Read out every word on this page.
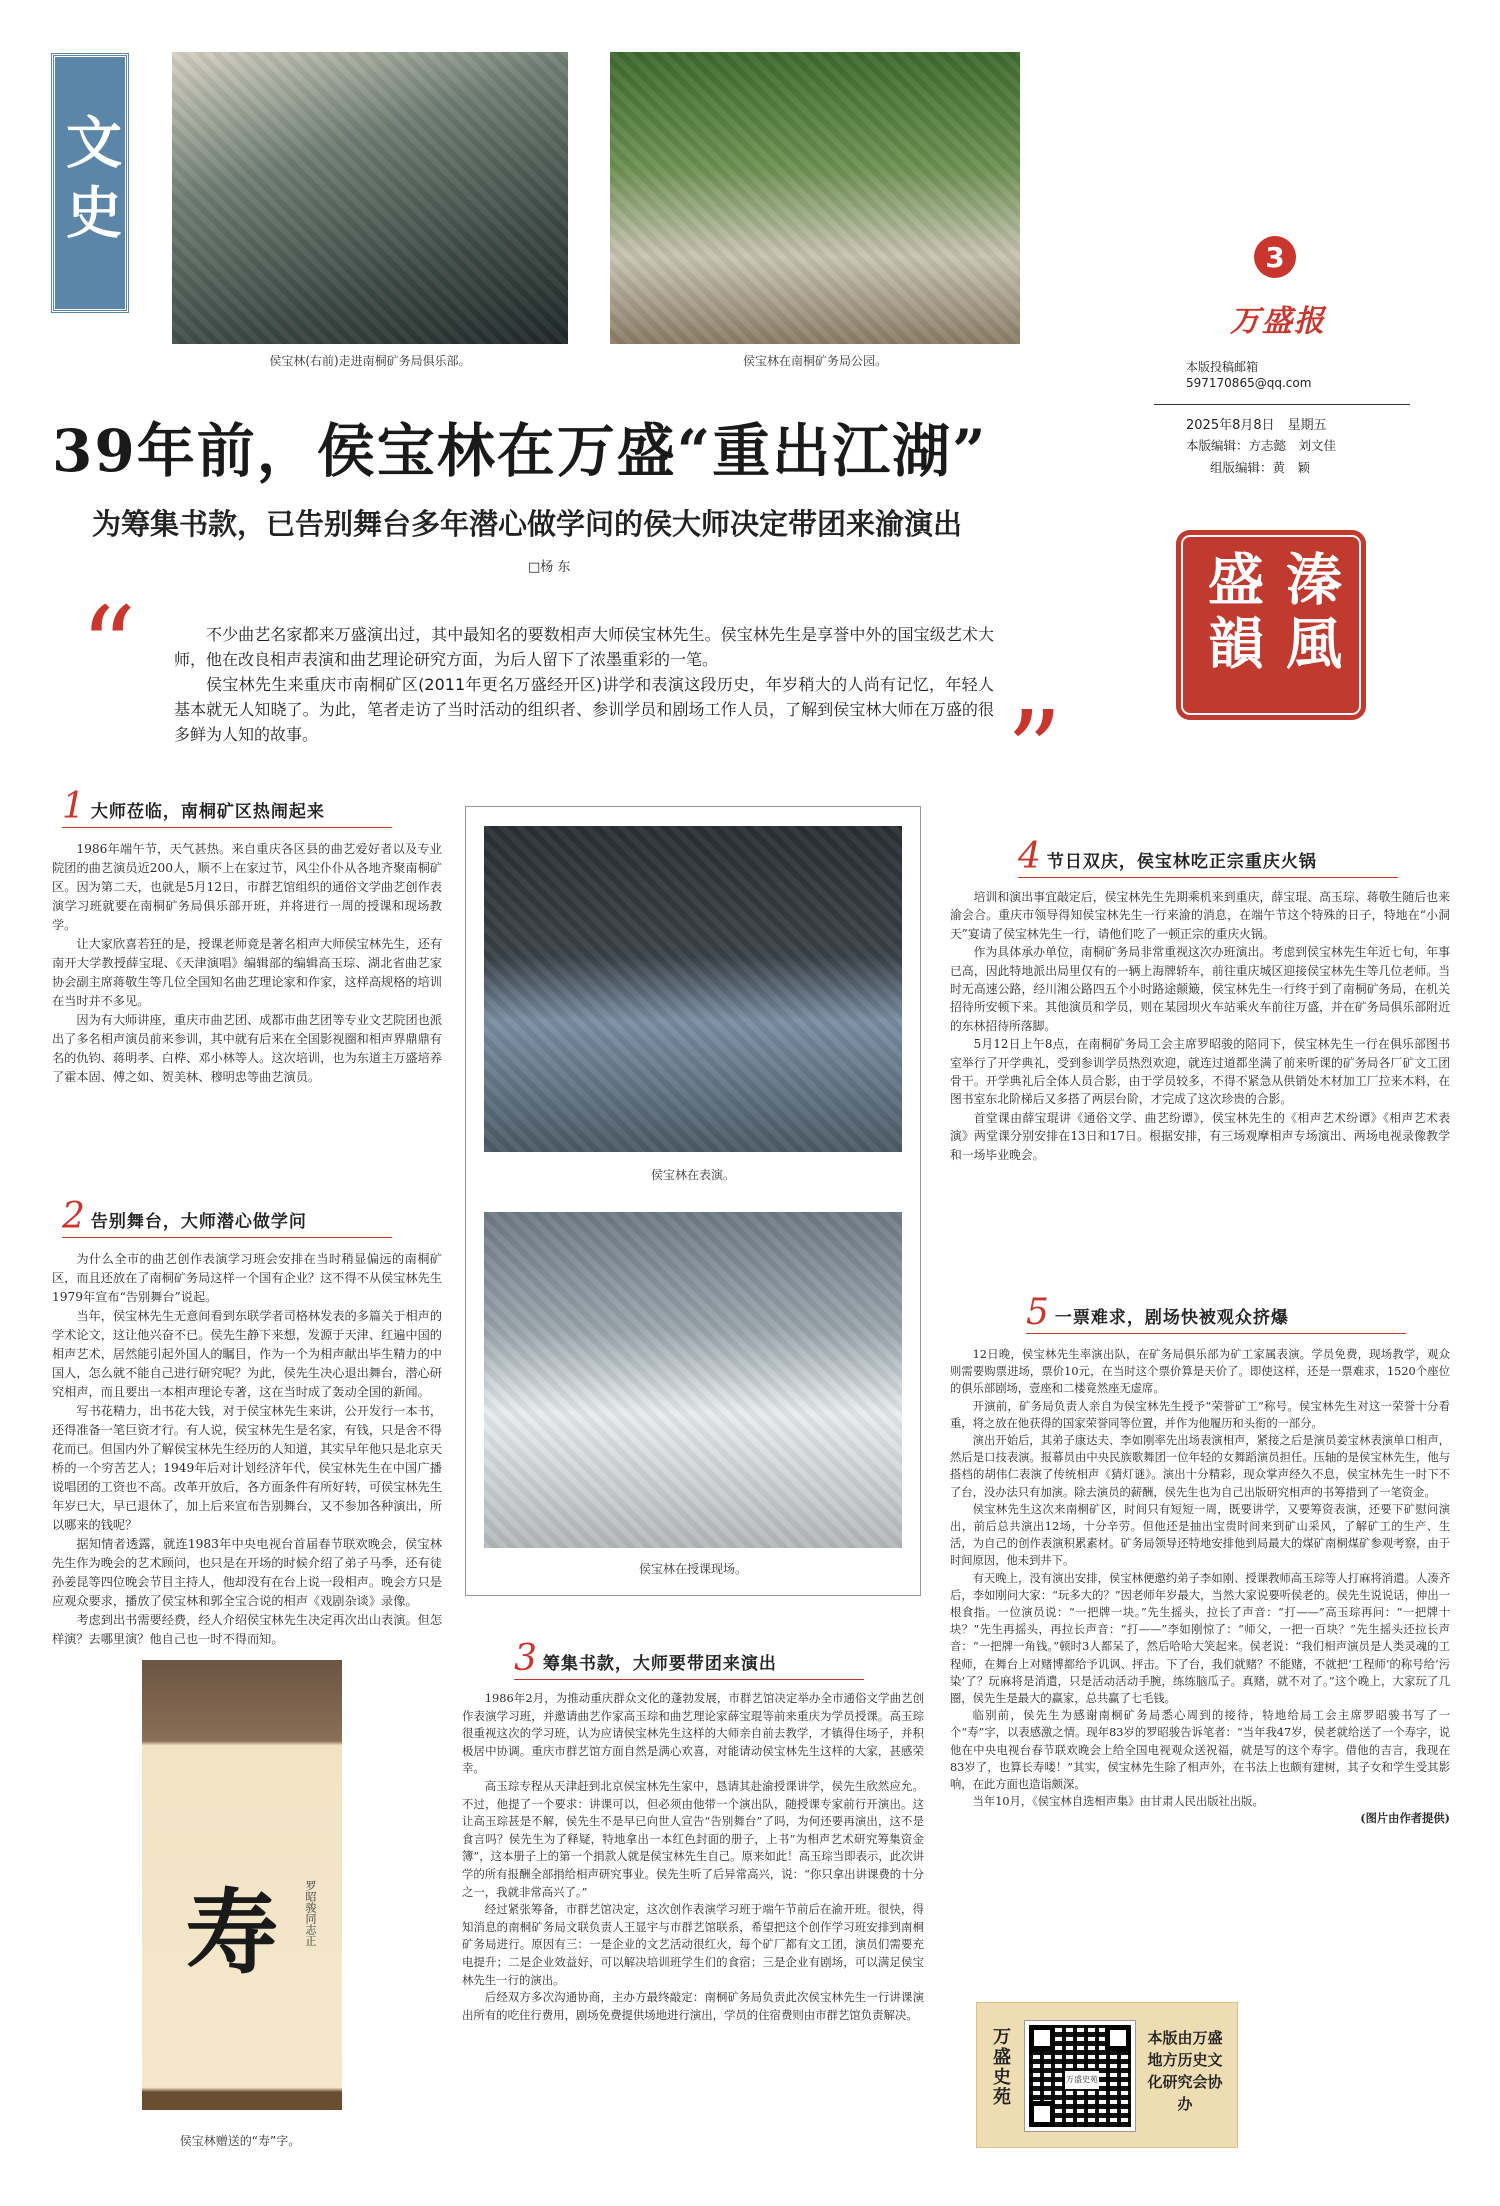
文史
侯宝林(右前)走进南桐矿务局俱乐部。	侯宝林在南桐矿务局公园。
3
万盛报
本版投稿邮箱
597170865@qq.com
2025年8月8日　星期五
本版编辑：方志懿　刘文佳
组版编辑：黄　颖
溱風盛韻
39年前，侯宝林在万盛“重出江湖”
为筹集书款，已告别舞台多年潜心做学问的侯大师决定带团来渝演出
□杨 东
“	不少曲艺名家都来万盛演出过，其中最知名的要数相声大师侯宝林先生。侯宝林先生是享誉中外的国宝级艺术大师，他在改良相声表演和曲艺理论研究方面，为后人留下了浓墨重彩的一笔。

侯宝林先生来重庆市南桐矿区(2011年更名万盛经开区)讲学和表演这段历史，年岁稍大的人尚有记忆，年轻人基本就无人知晓了。为此，笔者走访了当时活动的组织者、参训学员和剧场工作人员，了解到侯宝林大师在万盛的很多鲜为人知的故事。	”
1 大师莅临，南桐矿区热闹起来

1986年端午节，天气甚热。来自重庆各区县的曲艺爱好者以及专业院团的曲艺演员近200人，顺不上在家过节，风尘仆仆从各地齐聚南桐矿区。因为第二天，也就是5月12日，市群艺馆组织的通俗文学曲艺创作表演学习班就要在南桐矿务局俱乐部开班，并将进行一周的授课和现场教学。

让大家欣喜若狂的是，授课老师竟是著名相声大师侯宝林先生，还有南开大学教授薛宝琨、《天津演唱》编辑部的编辑高玉琮、湖北省曲艺家协会副主席蒋敬生等几位全国知名曲艺理论家和作家，这样高规格的培训在当时并不多见。

因为有大师讲座，重庆市曲艺团、成都市曲艺团等专业文艺院团也派出了多名相声演员前来参训，其中就有后来在全国影视圈和相声界鼎鼎有名的仇钧、蒋明孝、白桦、邓小林等人。这次培训，也为东道主万盛培养了霍本固、傅之如、贺美林、穆明忠等曲艺演员。

2 告别舞台，大师潜心做学问

为什么全市的曲艺创作表演学习班会安排在当时稍显偏远的南桐矿区，而且还放在了南桐矿务局这样一个国有企业？这不得不从侯宝林先生1979年宣布“告别舞台”说起。

当年，侯宝林先生无意间看到东联学者司格林发表的多篇关于相声的学术论文，这让他兴奋不已。侯先生静下来想，发源于天津、红遍中国的相声艺术，居然能引起外国人的瞩目，作为一个为相声献出毕生精力的中国人，怎么就不能自己进行研究呢？为此，侯先生决心退出舞台，潜心研究相声，而且要出一本相声理论专著，这在当时成了轰动全国的新闻。

写书花精力，出书花大钱，对于侯宝林先生来讲，公开发行一本书，还得准备一笔巨资才行。有人说，侯宝林先生是名家，有钱，只是舍不得花而已。但国内外了解侯宝林先生经历的人知道，其实早年他只是北京天桥的一个穷苦艺人；1949年后对计划经济年代，侯宝林先生在中国广播说唱团的工资也不高。改革开放后，各方面条件有所好转，可侯宝林先生年岁已大，早已退休了，加上后来宣布告别舞台，又不参加各种演出，所以哪来的钱呢？

据知情者透露，就连1983年中央电视台首届春节联欢晚会，侯宝林先生作为晚会的艺术顾问，也只是在开场的时候介绍了弟子马季，还有徒孙姜昆等四位晚会节目主持人，他却没有在台上说一段相声。晚会方只是应观众要求，播放了侯宝林和郭全宝合说的相声《戏剧杂谈》录像。

考虑到出书需要经费，经人介绍侯宝林先生决定再次出山表演。但怎样演？去哪里演？他自己也一时不得而知。

寿 罗昭骏同志正
侯宝林赠送的“寿”字。
侯宝林在表演。
侯宝林在授课现场。
3 筹集书款，大师要带团来演出

1986年2月，为推动重庆群众文化的蓬勃发展，市群艺馆决定举办全市通俗文学曲艺创作表演学习班，并邀请曲艺作家高玉琮和曲艺理论家薛宝琨等前来重庆为学员授课。高玉琮很重视这次的学习班，认为应请侯宝林先生这样的大师亲自前去教学，才镇得住场子，并积极居中协调。重庆市群艺馆方面自然是满心欢喜，对能请动侯宝林先生这样的大家，甚感荣幸。

高玉琮专程从天津赶到北京侯宝林先生家中，恳请其赴渝授课讲学，侯先生欣然应允。不过，他提了一个要求：讲课可以，但必须由他带一个演出队，随授课专家前行开演出。这让高玉琮甚是不解，侯先生不是早已向世人宣告“告别舞台”了吗，为何还要再演出，这不是食言吗？侯先生为了释疑，特地拿出一本红色封面的册子，上书“为相声艺术研究筹集资金簿”，这本册子上的第一个捐款人就是侯宝林先生自己。原来如此！高玉琮当即表示，此次讲学的所有报酬全部捐给相声研究事业。侯先生听了后异常高兴，说：“你只拿出讲课费的十分之一，我就非常高兴了。”

经过紧张筹备，市群艺馆决定，这次创作表演学习班于端午节前后在渝开班。很快，得知消息的南桐矿务局文联负责人王显宇与市群艺馆联系，希望把这个创作学习班安排到南桐矿务局进行。原因有三：一是企业的文艺活动很红火，每个矿厂都有文工团，演员们需要充电提升；二是企业效益好，可以解决培训班学生们的食宿；三是企业有剧场，可以满足侯宝林先生一行的演出。

后经双方多次沟通协商，主办方最终敲定：南桐矿务局负责此次侯宝林先生一行讲课演出所有的吃住行费用，剧场免费提供场地进行演出，学员的住宿费则由市群艺馆负责解决。

4 节日双庆，侯宝林吃正宗重庆火锅

培训和演出事宜敲定后，侯宝林先生先期乘机来到重庆，薛宝琨、高玉琮、蒋敬生随后也来渝会合。重庆市领导得知侯宝林先生一行来渝的消息，在端午节这个特殊的日子，特地在“小洞天”宴请了侯宝林先生一行，请他们吃了一顿正宗的重庆火锅。

作为具体承办单位，南桐矿务局非常重视这次办班演出。考虑到侯宝林先生年近七旬，年事已高，因此特地派出局里仅有的一辆上海牌轿车，前往重庆城区迎接侯宝林先生等几位老师。当时无高速公路，经川湘公路四五个小时路途颠簸，侯宝林先生一行终于到了南桐矿务局，在机关招待所安顿下来。其他演员和学员，则在某园坝火车站乘火车前往万盛，并在矿务局俱乐部附近的东林招待所落脚。

5月12日上午8点，在南桐矿务局工会主席罗昭骏的陪同下，侯宝林先生一行在俱乐部图书室举行了开学典礼，受到参训学员热烈欢迎，就连过道都坐满了前来听课的矿务局各厂矿文工团骨干。开学典礼后全体人员合影，由于学员较多，不得不紧急从供销处木材加工厂拉来木料，在图书室东北阶梯后又多搭了两层台阶，才完成了这次珍贵的合影。

首堂课由薛宝琨讲《通俗文学、曲艺纷谭》，侯宝林先生的《相声艺术纷谭》《相声艺术表演》两堂课分别安排在13日和17日。根据安排，有三场观摩相声专场演出、两场电视录像教学和一场毕业晚会。

5 一票难求，剧场快被观众挤爆

12日晚，侯宝林先生率演出队，在矿务局俱乐部为矿工家属表演。学员免费，现场教学，观众则需要购票进场，票价10元，在当时这个票价算是天价了。即使这样，还是一票难求，1520个座位的俱乐部剧场，壹座和二楼竟然座无虚席。

开演前，矿务局负责人亲自为侯宝林先生授予“荣誉矿工”称号。侯宝林先生对这一荣誉十分看重，将之放在他获得的国家荣誉同等位置，并作为他履历和头衔的一部分。

演出开始后，其弟子康达夫、李如刚率先出场表演相声，紧接之后是演员姜宝林表演单口相声，然后是口技表演。报幕员由中央民族歌舞团一位年轻的女舞蹈演员担任。压轴的是侯宝林先生，他与搭档的胡伟仁表演了传统相声《猜灯谜》。演出十分精彩，现众掌声经久不息，侯宝林先生一时下不了台，没办法只有加演。除去演员的薪酬，侯先生也为自己出版研究相声的书筹措到了一笔资金。

侯宝林先生这次来南桐矿区，时间只有短短一周，既要讲学，又要筹资表演，还要下矿慰问演出，前后总共演出12场，十分辛劳。但他还是抽出宝贵时间来到矿山采风，了解矿工的生产、生活，为自己的创作表演积累素材。矿务局领导还特地安排他到局最大的煤矿南桐煤矿参观考察，由于时间原因，他未到井下。

有天晚上，没有演出安排，侯宝林便邀约弟子李如刚、授课教师高玉琮等人打麻将消遣。人凑齐后，李如刚问大家：“玩多大的？”因老师年岁最大，当然大家说要听侯老的。侯先生说说话，伸出一根食指。一位演员说：“一把牌一块。”先生摇头，拉长了声音：“打——”高玉琮再问：“一把牌十块？”先生再摇头，再拉长声音：“打——”李如刚惊了：“师父，一把一百块？”先生摇头还拉长声音：“一把牌一角钱。”顿时3人都呆了，然后哈哈大笑起来。侯老说：“我们相声演员是人类灵魂的工程师，在舞台上对赌博都给予讥讽、抨击。下了台，我们就赌？不能赌，不就把‘工程师’的称号给‘污染’了？玩麻将是消遣，只是活动活动手腕，练练脑瓜子。真赌，就不对了。”这个晚上，大家玩了几圈，侯先生是最大的赢家，总共赢了七毛钱。

临别前，侯先生为感谢南桐矿务局悉心周到的接待，特地给局工会主席罗昭骏书写了一个“寿”字，以表感激之情。现年83岁的罗昭骏告诉笔者：“当年我47岁，侯老就给送了一个寿字，说他在中央电视台春节联欢晚会上给全国电视观众送祝福，就是写的这个寿字。借他的吉言，我现在83岁了，也算长寿喽！”其实，侯宝林先生除了相声外，在书法上也颇有建树，其子女和学生受其影响，在此方面也造诣颇深。

当年10月，《侯宝林自选相声集》由甘肃人民出版社出版。

(图片由作者提供)

万盛史苑	万盛史苑
本版由万盛地方历史文化研究会协办
